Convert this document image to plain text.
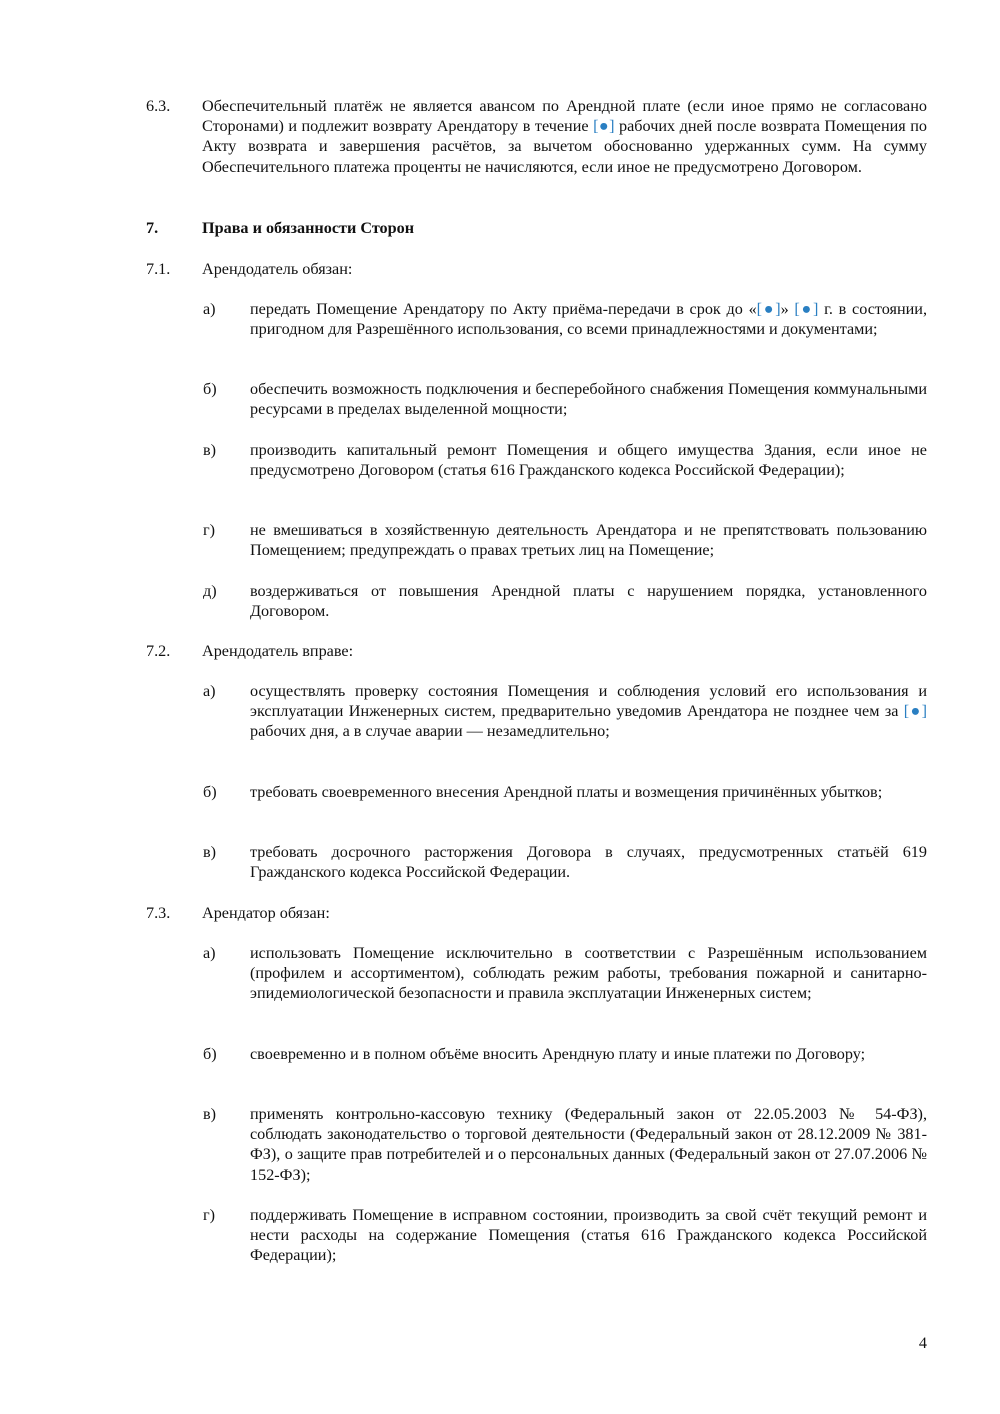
6.3. Обеспечительный платёж не является авансом по Арендной плате (если иное прямо не согласовано Сторонами) и подлежит возврату Арендатору в течение [●] рабочих дней после возврата Помещения по Акту возврата и завершения расчётов, за вычетом обоснованно удержанных сумм. На сумму Обеспечительного платежа проценты не начисляются, если иное не предусмотрено Договором.
7.	Права и обязанности Сторон
7.1. Арендодатель обязан:
а) передать Помещение Арендатору по Акту приёма-передачи в срок до «[●]» [●] г. в состоянии, пригодном для Разрешённого использования, со всеми принадлежностями и документами;
б) обеспечить возможность подключения и бесперебойного снабжения Помещения коммунальными ресурсами в пределах выделенной мощности;
в) производить капитальный ремонт Помещения и общего имущества Здания, если иное не предусмотрено Договором (статья 616 Гражданского кодекса Российской Федерации);
г) не вмешиваться в хозяйственную деятельность Арендатора и не препятствовать пользованию Помещением; предупреждать о правах третьих лиц на Помещение;
д) воздерживаться от повышения Арендной платы с нарушением порядка, установленного Договором.
7.2. Арендодатель вправе:
а) осуществлять проверку состояния Помещения и соблюдения условий его использования и эксплуатации Инженерных систем, предварительно уведомив Арендатора не позднее чем за [●] рабочих дня, а в случае аварии — незамедлительно;
б) требовать своевременного внесения Арендной платы и возмещения причинённых убытков;
в) требовать досрочного расторжения Договора в случаях, предусмотренных статьёй 619 Гражданского кодекса Российской Федерации.
7.3. Арендатор обязан:
а) использовать Помещение исключительно в соответствии с Разрешённым использованием (профилем и ассортиментом), соблюдать режим работы, требования пожарной и санитарно-эпидемиологической безопасности и правила эксплуатации Инженерных систем;
б) своевременно и в полном объёме вносить Арендную плату и иные платежи по Договору;
в) применять контрольно-кассовую технику (Федеральный закон от 22.05.2003 № 54-ФЗ), соблюдать законодательство о торговой деятельности (Федеральный закон от 28.12.2009 № 381-ФЗ), о защите прав потребителей и о персональных данных (Федеральный закон от 27.07.2006 № 152-ФЗ);
г) поддерживать Помещение в исправном состоянии, производить за свой счёт текущий ремонт и нести расходы на содержание Помещения (статья 616 Гражданского кодекса Российской Федерации);
4
